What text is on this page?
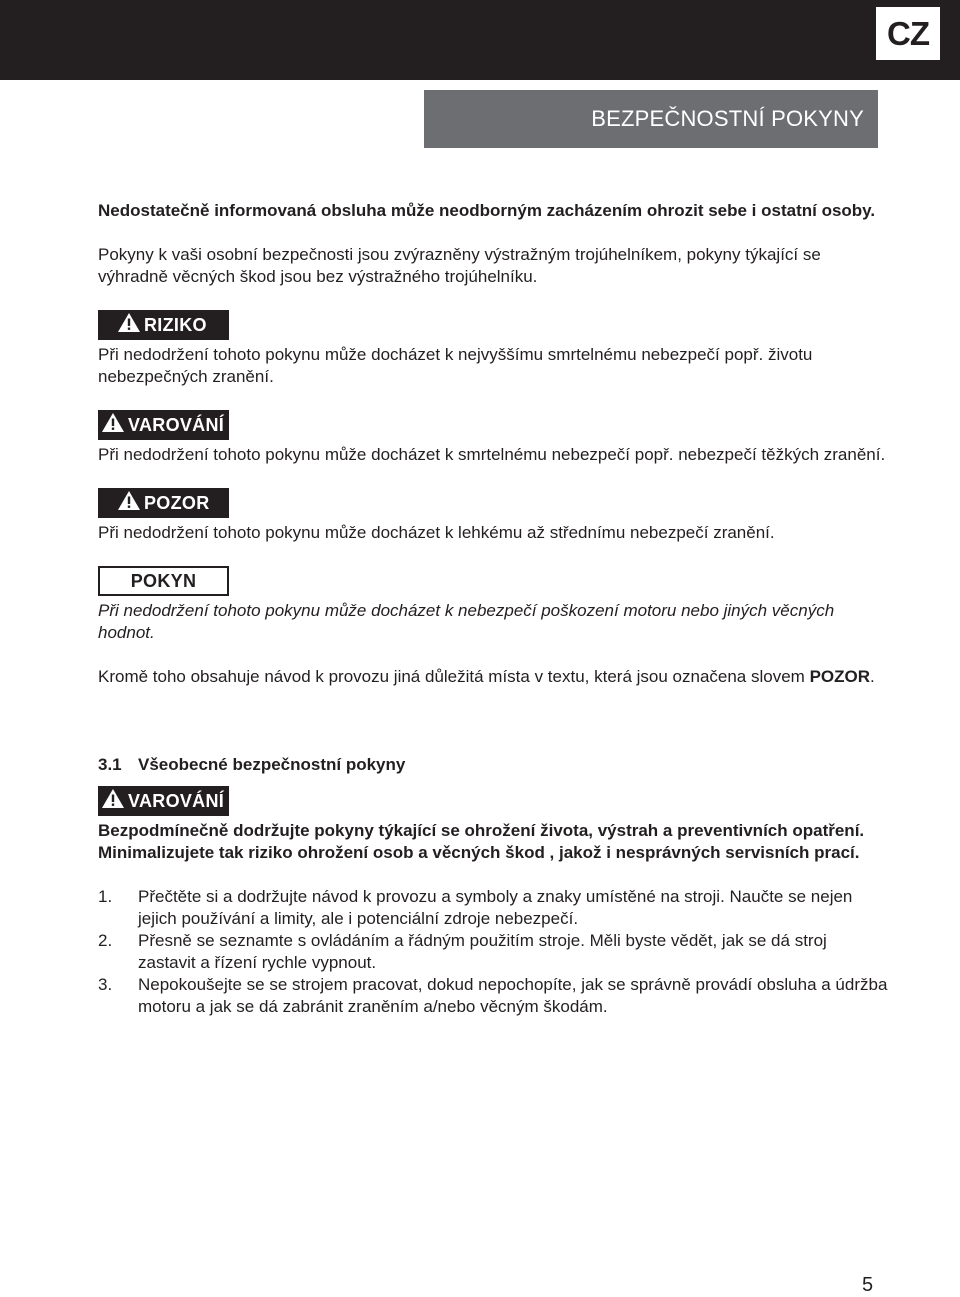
CZ
BEZPEČNOSTNÍ POKYNY

Nedostatečně informovaná obsluha může neodborným zacházením ohrozit sebe i ostatní osoby.

Pokyny k vaši osobní bezpečnosti jsou zvýrazněny výstražným trojúhelníkem, pokyny týkající se výhradně věcných škod jsou bez výstražného trojúhelníku.

RIZIKO

Při nedodržení tohoto pokynu může docházet k nejvyššímu smrtelnému nebezpečí popř. životu nebezpečných zranění.

VAROVÁNÍ

Při nedodržení tohoto pokynu může docházet k smrtelnému nebezpečí popř. nebezpečí těžkých zranění.

POZOR

Při nedodržení tohoto pokynu může docházet k lehkému až střednímu nebezpečí zranění.

POKYN

Při nedodržení tohoto pokynu může docházet k nebezpečí poškození motoru nebo jiných věcných hodnot.

Kromě toho obsahuje návod k provozu jiná důležitá místa v textu, která jsou označena slovem POZOR.

3.1 Všeobecné bezpečnostní pokyny

VAROVÁNÍ

Bezpodmínečně dodržujte pokyny týkající se ohrožení života, výstrah a preventivních opatření. Minimalizujete tak riziko ohrožení osob a věcných škod , jakož i nesprávných servisních prací.

1.	Přečtěte si a dodržujte návod k provozu a symboly a znaky umístěné na stroji. Naučte se nejen jejich používání a limity, ale i potenciální zdroje nebezpečí.
2.	Přesně se seznamte s ovládáním a řádným použitím stroje. Měli byste vědět, jak se dá stroj zastavit a řízení rychle vypnout.
3.	Nepokoušejte se se strojem pracovat, dokud nepochopíte, jak se správně provádí obsluha a údržba motoru a jak se dá zabránit zraněním a/nebo věcným škodám.
5
